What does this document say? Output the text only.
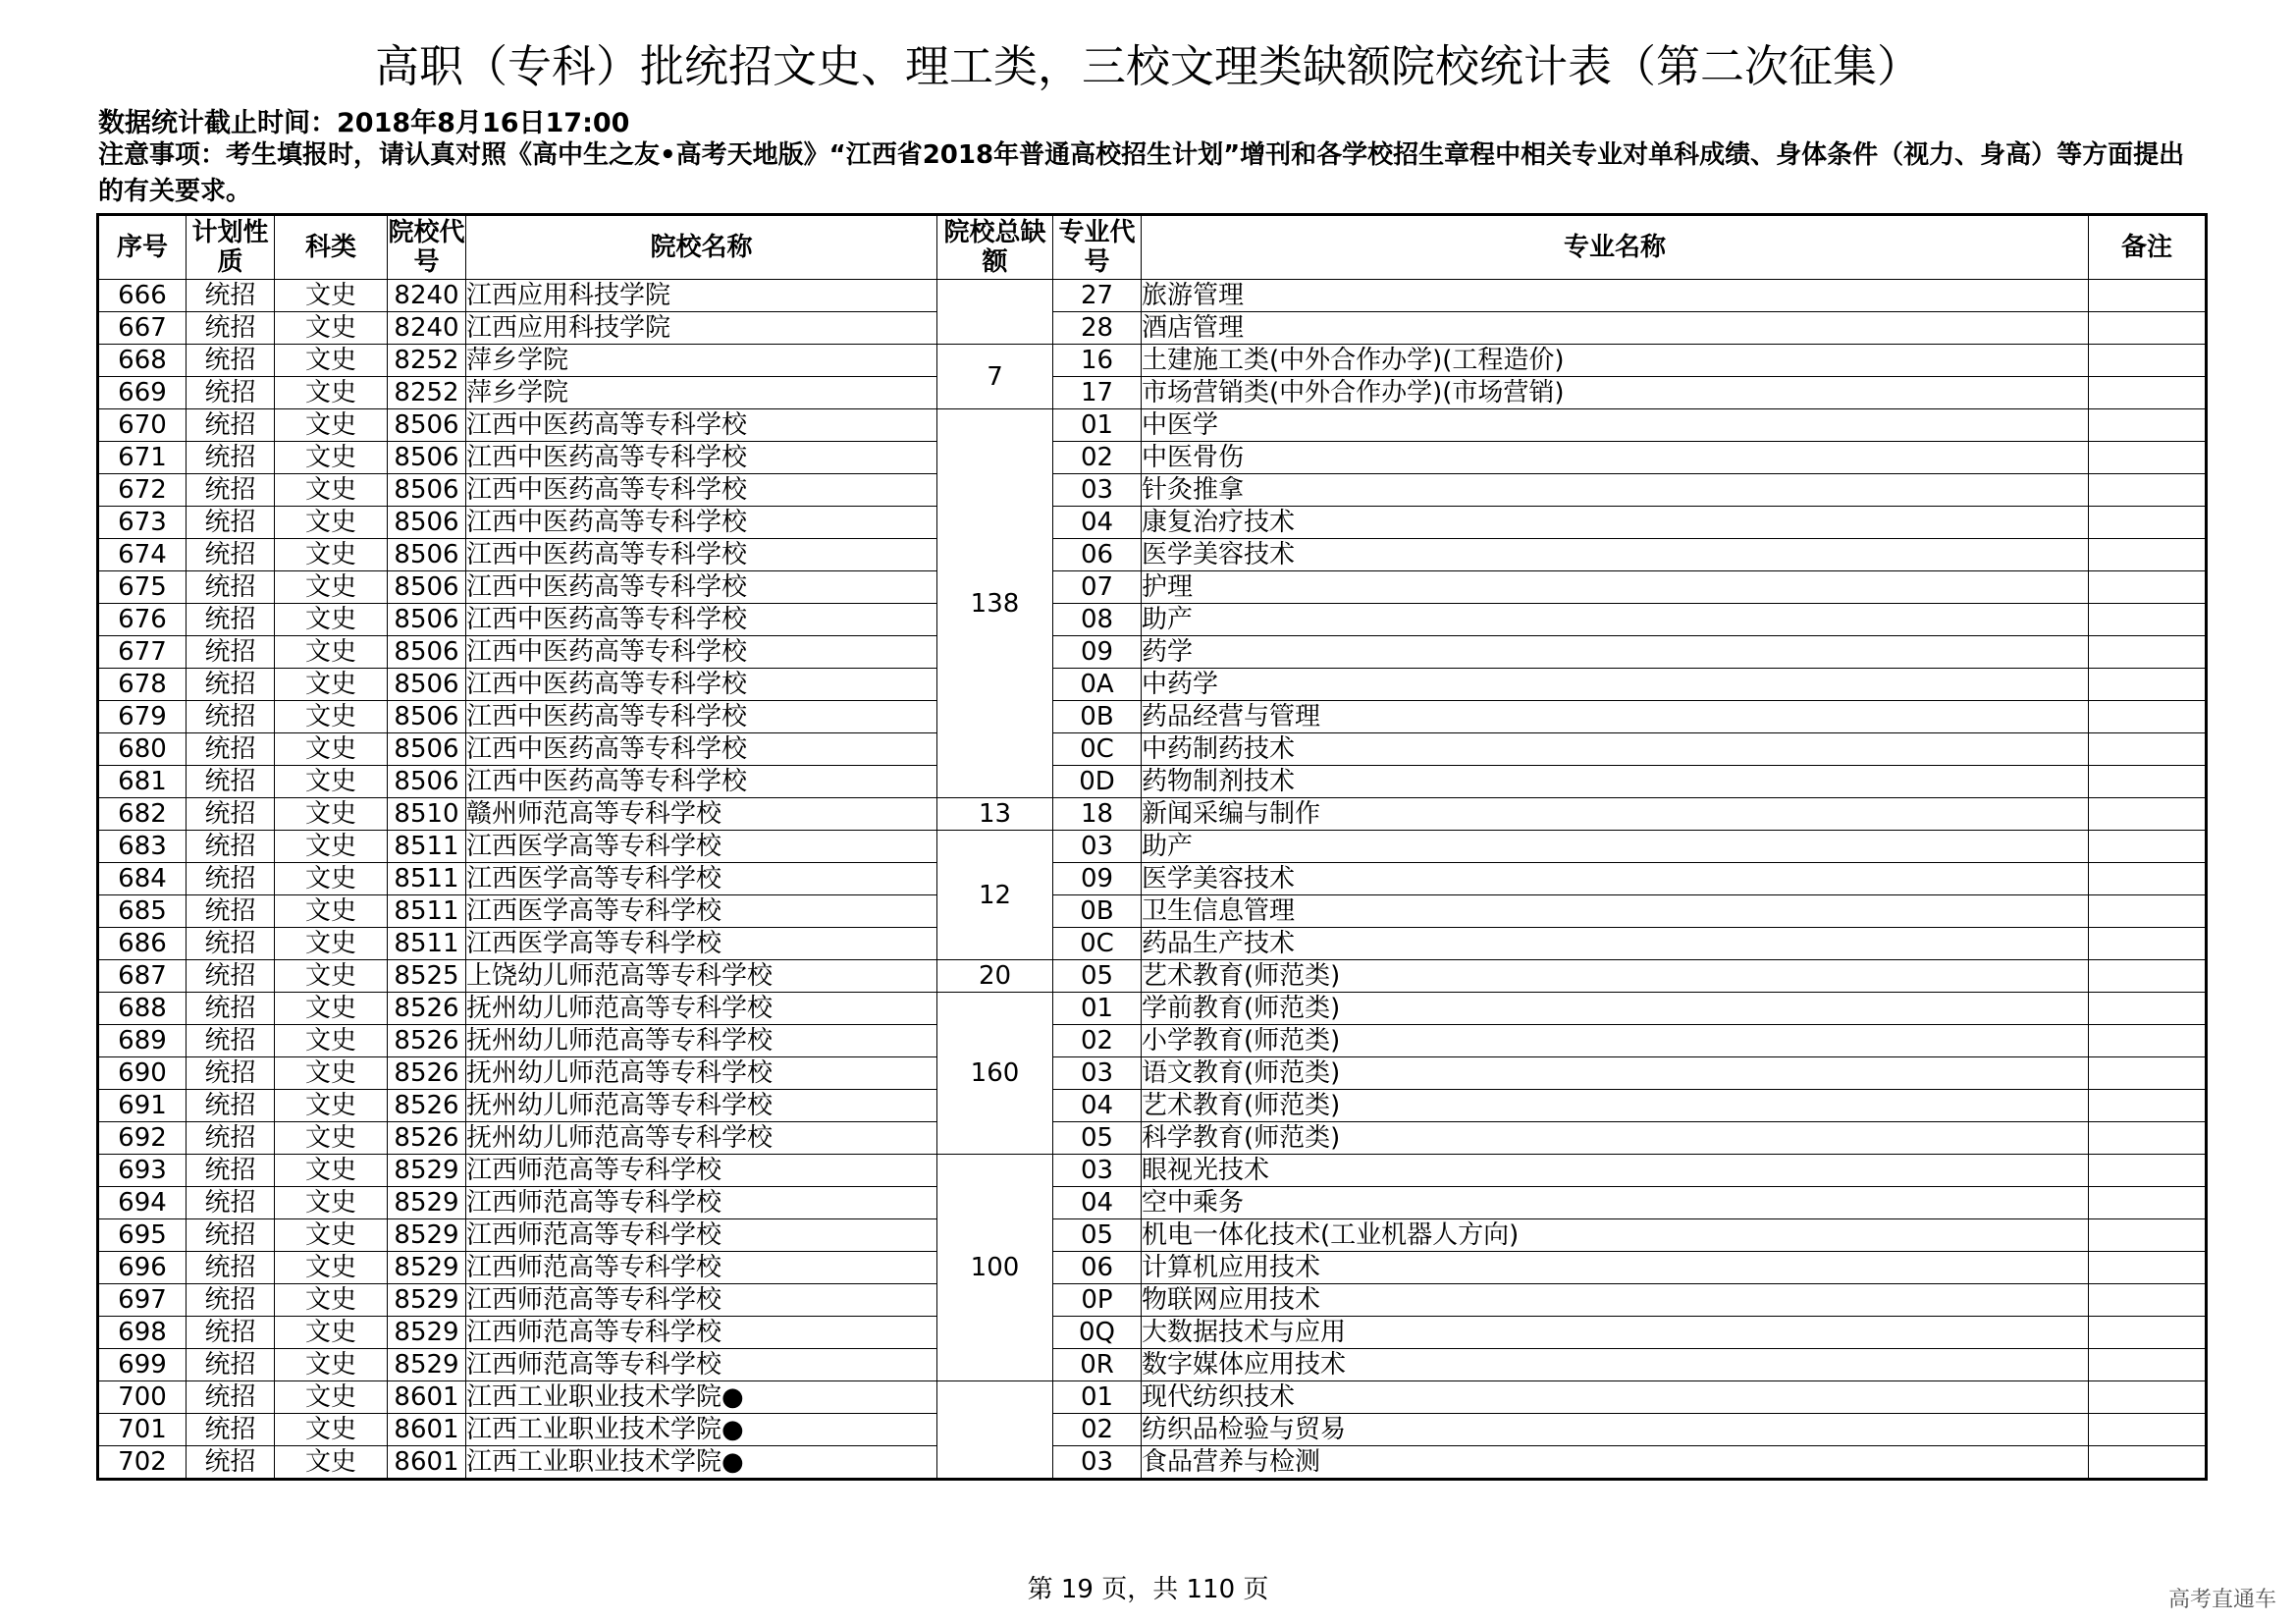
高职（专科）批统招文史、理工类，三校文理类缺额院校统计表（第二次征集）
数据统计截止时间：2018年8月16日17:00
注意事项：考生填报时，请认真对照《高中生之友•高考天地版》“江西省2018年普通高校招生计划”增刊和各学校招生章程中相关专业对单科成绩、身体条件（视力、身高）等方面提出的有关要求。
序号	计划性质	科类	院校代号	院校名称	院校总缺额	专业代号	专业名称	备注
666	统招	文史	8240	江西应用科技学院		27	旅游管理	
667	统招	文史	8240	江西应用科技学院		28	酒店管理	
668	统招	文史	8252	萍乡学院	7	16	土建施工类(中外合作办学)(工程造价)	
669	统招	文史	8252	萍乡学院		17	市场营销类(中外合作办学)(市场营销)	
670	统招	文史	8506	江西中医药高等专科学校	138	01	中医学	
671	统招	文史	8506	江西中医药高等专科学校		02	中医骨伤	
672	统招	文史	8506	江西中医药高等专科学校		03	针灸推拿	
673	统招	文史	8506	江西中医药高等专科学校		04	康复治疗技术	
674	统招	文史	8506	江西中医药高等专科学校		06	医学美容技术	
675	统招	文史	8506	江西中医药高等专科学校		07	护理	
676	统招	文史	8506	江西中医药高等专科学校		08	助产	
677	统招	文史	8506	江西中医药高等专科学校		09	药学	
678	统招	文史	8506	江西中医药高等专科学校		0A	中药学	
679	统招	文史	8506	江西中医药高等专科学校		0B	药品经营与管理	
680	统招	文史	8506	江西中医药高等专科学校		0C	中药制药技术	
681	统招	文史	8506	江西中医药高等专科学校		0D	药物制剂技术	
682	统招	文史	8510	赣州师范高等专科学校	13	18	新闻采编与制作	
683	统招	文史	8511	江西医学高等专科学校	12	03	助产	
684	统招	文史	8511	江西医学高等专科学校		09	医学美容技术	
685	统招	文史	8511	江西医学高等专科学校		0B	卫生信息管理	
686	统招	文史	8511	江西医学高等专科学校		0C	药品生产技术	
687	统招	文史	8525	上饶幼儿师范高等专科学校	20	05	艺术教育(师范类)	
688	统招	文史	8526	抚州幼儿师范高等专科学校	160	01	学前教育(师范类)	
689	统招	文史	8526	抚州幼儿师范高等专科学校		02	小学教育(师范类)	
690	统招	文史	8526	抚州幼儿师范高等专科学校		03	语文教育(师范类)	
691	统招	文史	8526	抚州幼儿师范高等专科学校		04	艺术教育(师范类)	
692	统招	文史	8526	抚州幼儿师范高等专科学校		05	科学教育(师范类)	
693	统招	文史	8529	江西师范高等专科学校	100	03	眼视光技术	
694	统招	文史	8529	江西师范高等专科学校		04	空中乘务	
695	统招	文史	8529	江西师范高等专科学校		05	机电一体化技术(工业机器人方向)	
696	统招	文史	8529	江西师范高等专科学校		06	计算机应用技术	
697	统招	文史	8529	江西师范高等专科学校		0P	物联网应用技术	
698	统招	文史	8529	江西师范高等专科学校		0Q	大数据技术与应用	
699	统招	文史	8529	江西师范高等专科学校		0R	数字媒体应用技术	
700	统招	文史	8601	江西工业职业技术学院●		01	现代纺织技术	
701	统招	文史	8601	江西工业职业技术学院●		02	纺织品检验与贸易	
702	统招	文史	8601	江西工业职业技术学院●		03	食品营养与检测	
第 19 页，共 110 页	高考直通车
